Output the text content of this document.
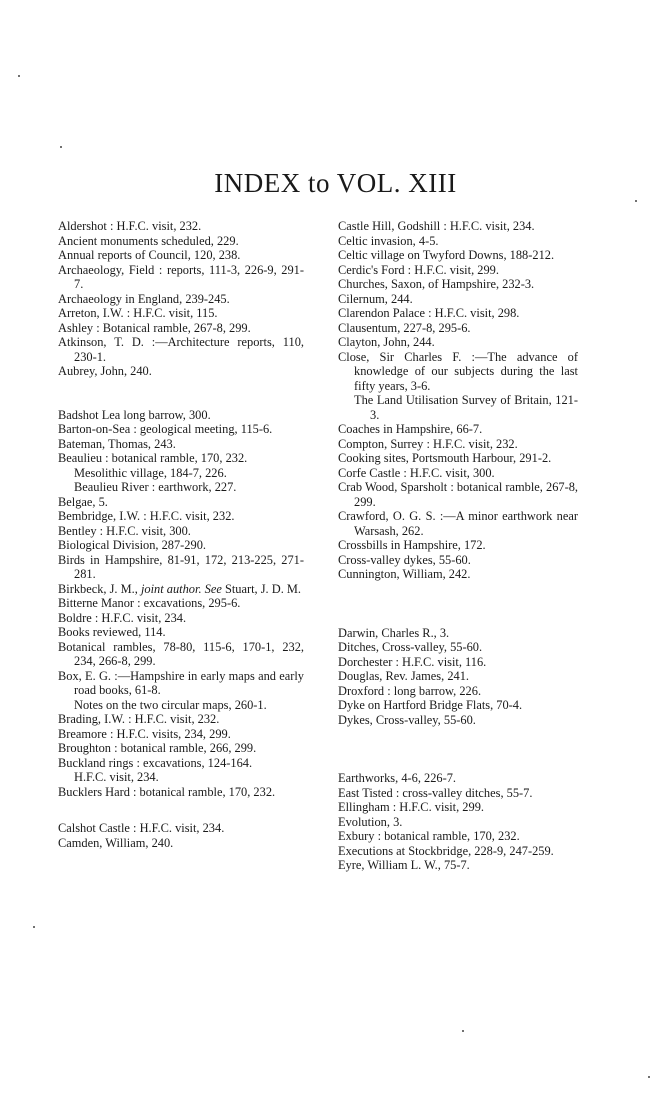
INDEX to VOL. XIII
Aldershot : H.F.C. visit, 232.
Ancient monuments scheduled, 229.
Annual reports of Council, 120, 238.
Archaeology, Field : reports, 111-3, 226-9, 291-7.
Archaeology in England, 239-245.
Arreton, I.W. : H.F.C. visit, 115.
Ashley : Botanical ramble, 267-8, 299.
Atkinson, T. D. :—Architecture reports, 110, 230-1.
Aubrey, John, 240.
Badshot Lea long barrow, 300.
Barton-on-Sea : geological meeting, 115-6.
Bateman, Thomas, 243.
Beaulieu : botanical ramble, 170, 232.
Mesolithic village, 184-7, 226.
Beaulieu River : earthwork, 227.
Belgae, 5.
Bembridge, I.W. : H.F.C. visit, 232.
Bentley : H.F.C. visit, 300.
Biological Division, 287-290.
Birds in Hampshire, 81-91, 172, 213-225, 271-281.
Birkbeck, J. M., joint author. See Stuart, J. D. M.
Bitterne Manor : excavations, 295-6.
Boldre : H.F.C. visit, 234.
Books reviewed, 114.
Botanical rambles, 78-80, 115-6, 170-1, 232, 234, 266-8, 299.
Box, E. G. :—Hampshire in early maps and early road books, 61-8.
Notes on the two circular maps, 260-1.
Brading, I.W. : H.F.C. visit, 232.
Breamore : H.F.C. visits, 234, 299.
Broughton : botanical ramble, 266, 299.
Buckland rings : excavations, 124-164.
H.F.C. visit, 234.
Bucklers Hard : botanical ramble, 170, 232.
Calshot Castle : H.F.C. visit, 234.
Camden, William, 240.
Castle Hill, Godshill : H.F.C. visit, 234.
Celtic invasion, 4-5.
Celtic village on Twyford Downs, 188-212.
Cerdic's Ford : H.F.C. visit, 299.
Churches, Saxon, of Hampshire, 232-3.
Cilernum, 244.
Clarendon Palace : H.F.C. visit, 298.
Clausentum, 227-8, 295-6.
Clayton, John, 244.
Close, Sir Charles F. :—The advance of knowledge of our subjects during the last fifty years, 3-6.
The Land Utilisation Survey of Britain, 121-3.
Coaches in Hampshire, 66-7.
Compton, Surrey : H.F.C. visit, 232.
Cooking sites, Portsmouth Harbour, 291-2.
Corfe Castle : H.F.C. visit, 300.
Crab Wood, Sparsholt : botanical ramble, 267-8, 299.
Crawford, O. G. S. :—A minor earthwork near Warsash, 262.
Crossbills in Hampshire, 172.
Cross-valley dykes, 55-60.
Cunnington, William, 242.
Darwin, Charles R., 3.
Ditches, Cross-valley, 55-60.
Dorchester : H.F.C. visit, 116.
Douglas, Rev. James, 241.
Droxford : long barrow, 226.
Dyke on Hartford Bridge Flats, 70-4.
Dykes, Cross-valley, 55-60.
Earthworks, 4-6, 226-7.
East Tisted : cross-valley ditches, 55-7.
Ellingham : H.F.C. visit, 299.
Evolution, 3.
Exbury : botanical ramble, 170, 232.
Executions at Stockbridge, 228-9, 247-259.
Eyre, William L. W., 75-7.
